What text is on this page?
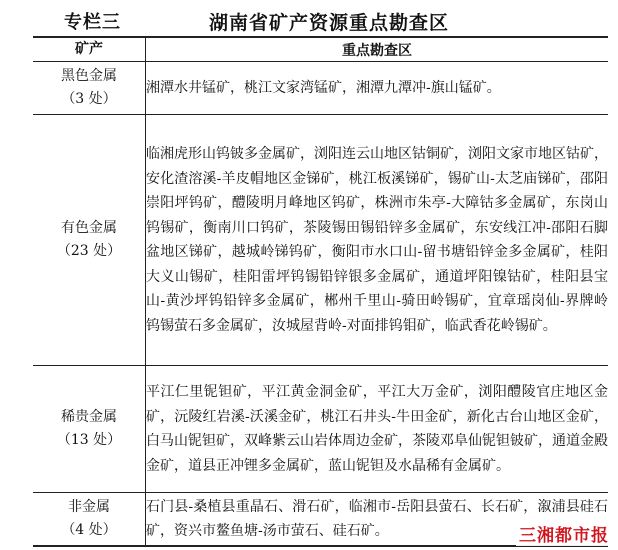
专栏三	湖南省矿产资源重点勘查区
矿产	重点勘查区

黑色金属
（3 处）	湘潭水井锰矿，桃江文家湾锰矿，湘潭九潭冲-旗山锰矿。

有色金属
（23 处）	临湘虎形山钨铍多金属矿，浏阳连云山地区钴铜矿，浏阳文家市地区钴矿，安化渣溶溪-羊皮帽地区金锑矿，桃江板溪锑矿，锡矿山-太芝庙锑矿，邵阳崇阳坪钨矿，醴陵明月峰地区钨矿，株洲市朱亭-大障钴多金属矿，东岗山钨锡矿，衡南川口钨矿，茶陵锡田锡铅锌多金属矿，东安线江冲-邵阳石脚盆地区锑矿，越城岭锑钨矿，衡阳市水口山-留书塘铅锌金多金属矿，桂阳大义山锡矿，桂阳雷坪钨锡铅锌银多金属矿，通道坪阳镍钴矿，桂阳县宝山-黄沙坪钨铅锌多金属矿，郴州千里山-骑田岭锡矿，宜章瑶岗仙-界牌岭钨锡萤石多金属矿，汝城屋背岭-对面排钨钼矿，临武香花岭锡矿。

稀贵金属
（13 处）	平江仁里铌钽矿，平江黄金洞金矿，平江大万金矿，浏阳醴陵官庄地区金矿，沅陵红岩溪-沃溪金矿，桃江石井头-牛田金矿，新化古台山地区金矿，白马山铌钽矿，双峰紫云山岩体周边金矿，茶陵邓阜仙铌钽铍矿，通道金殿金矿，道县正冲锂多金属矿，蓝山铌钽及水晶稀有金属矿。

非金属
（4 处）	石门县-桑植县重晶石、滑石矿，临湘市-岳阳县萤石、长石矿，溆浦县硅石矿，资兴市鳌鱼塘-汤市萤石、硅石矿。	三湘都市报
